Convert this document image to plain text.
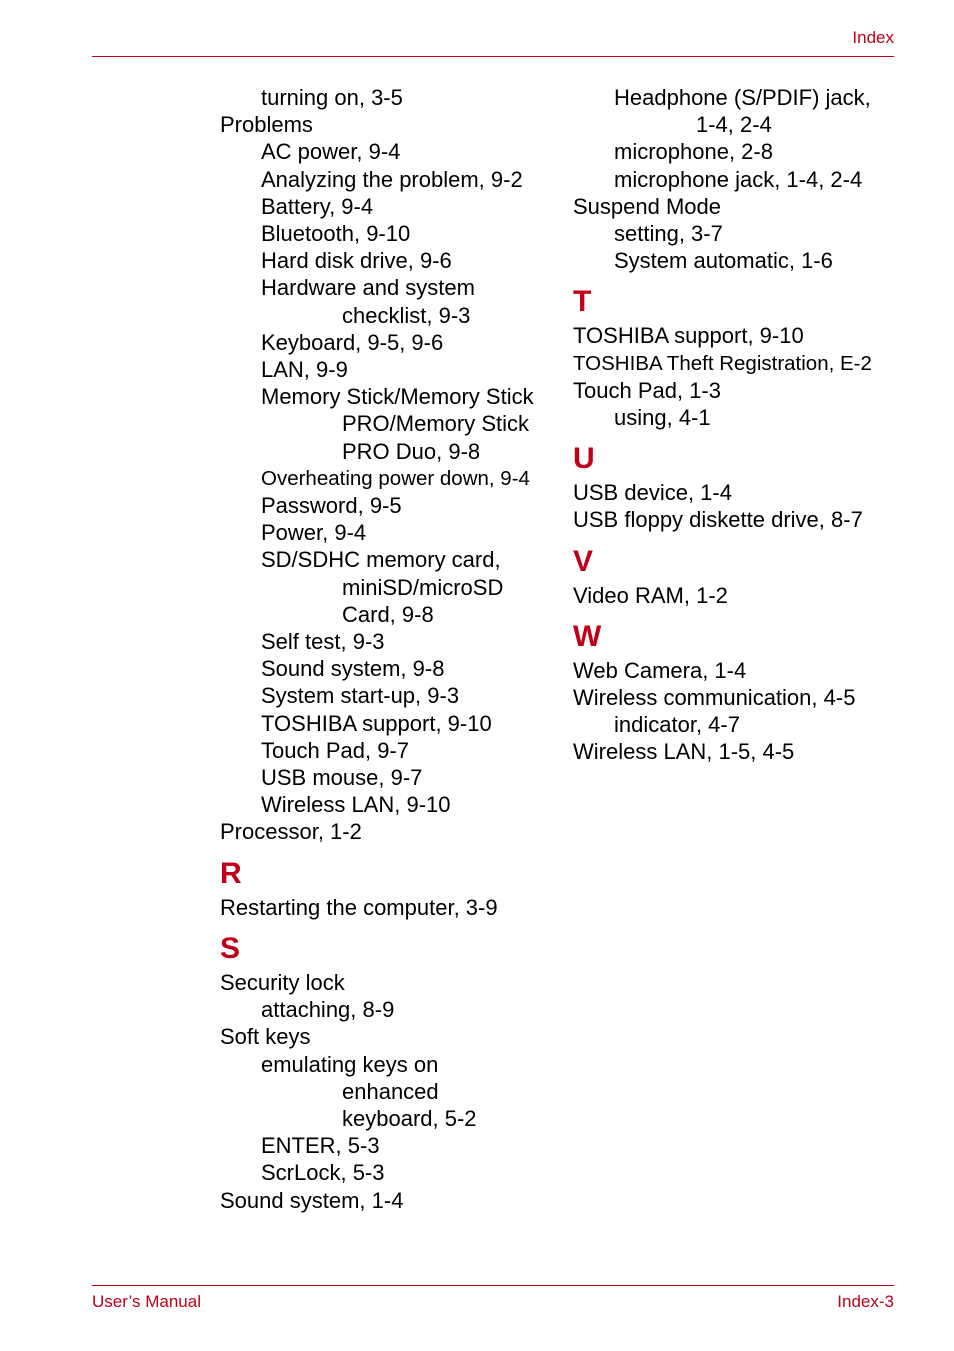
Index
turning on, 3-5
Problems
AC power, 9-4
Analyzing the problem, 9-2
Battery, 9-4
Bluetooth, 9-10
Hard disk drive, 9-6
Hardware and system
checklist, 9-3
Keyboard, 9-5, 9-6
LAN, 9-9
Memory Stick/Memory Stick
PRO/Memory Stick
PRO Duo, 9-8
Overheating power down, 9-4
Password, 9-5
Power, 9-4
SD/SDHC memory card,
miniSD/microSD
Card, 9-8
Self test, 9-3
Sound system, 9-8
System start-up, 9-3
TOSHIBA support, 9-10
Touch Pad, 9-7
USB mouse, 9-7
Wireless LAN, 9-10
Processor, 1-2
R
Restarting the computer, 3-9
S
Security lock
attaching, 8-9
Soft keys
emulating keys on
enhanced
keyboard, 5-2
ENTER, 5-3
ScrLock, 5-3
Sound system, 1-4
Headphone (S/PDIF) jack,
1-4, 2-4
microphone, 2-8
microphone jack, 1-4, 2-4
Suspend Mode
setting, 3-7
System automatic, 1-6
T
TOSHIBA support, 9-10
TOSHIBA Theft Registration, E-2
Touch Pad, 1-3
using, 4-1
U
USB device, 1-4
USB floppy diskette drive, 8-7
V
Video RAM, 1-2
W
Web Camera, 1-4
Wireless communication, 4-5
indicator, 4-7
Wireless LAN, 1-5, 4-5
User’s Manual	Index-3
